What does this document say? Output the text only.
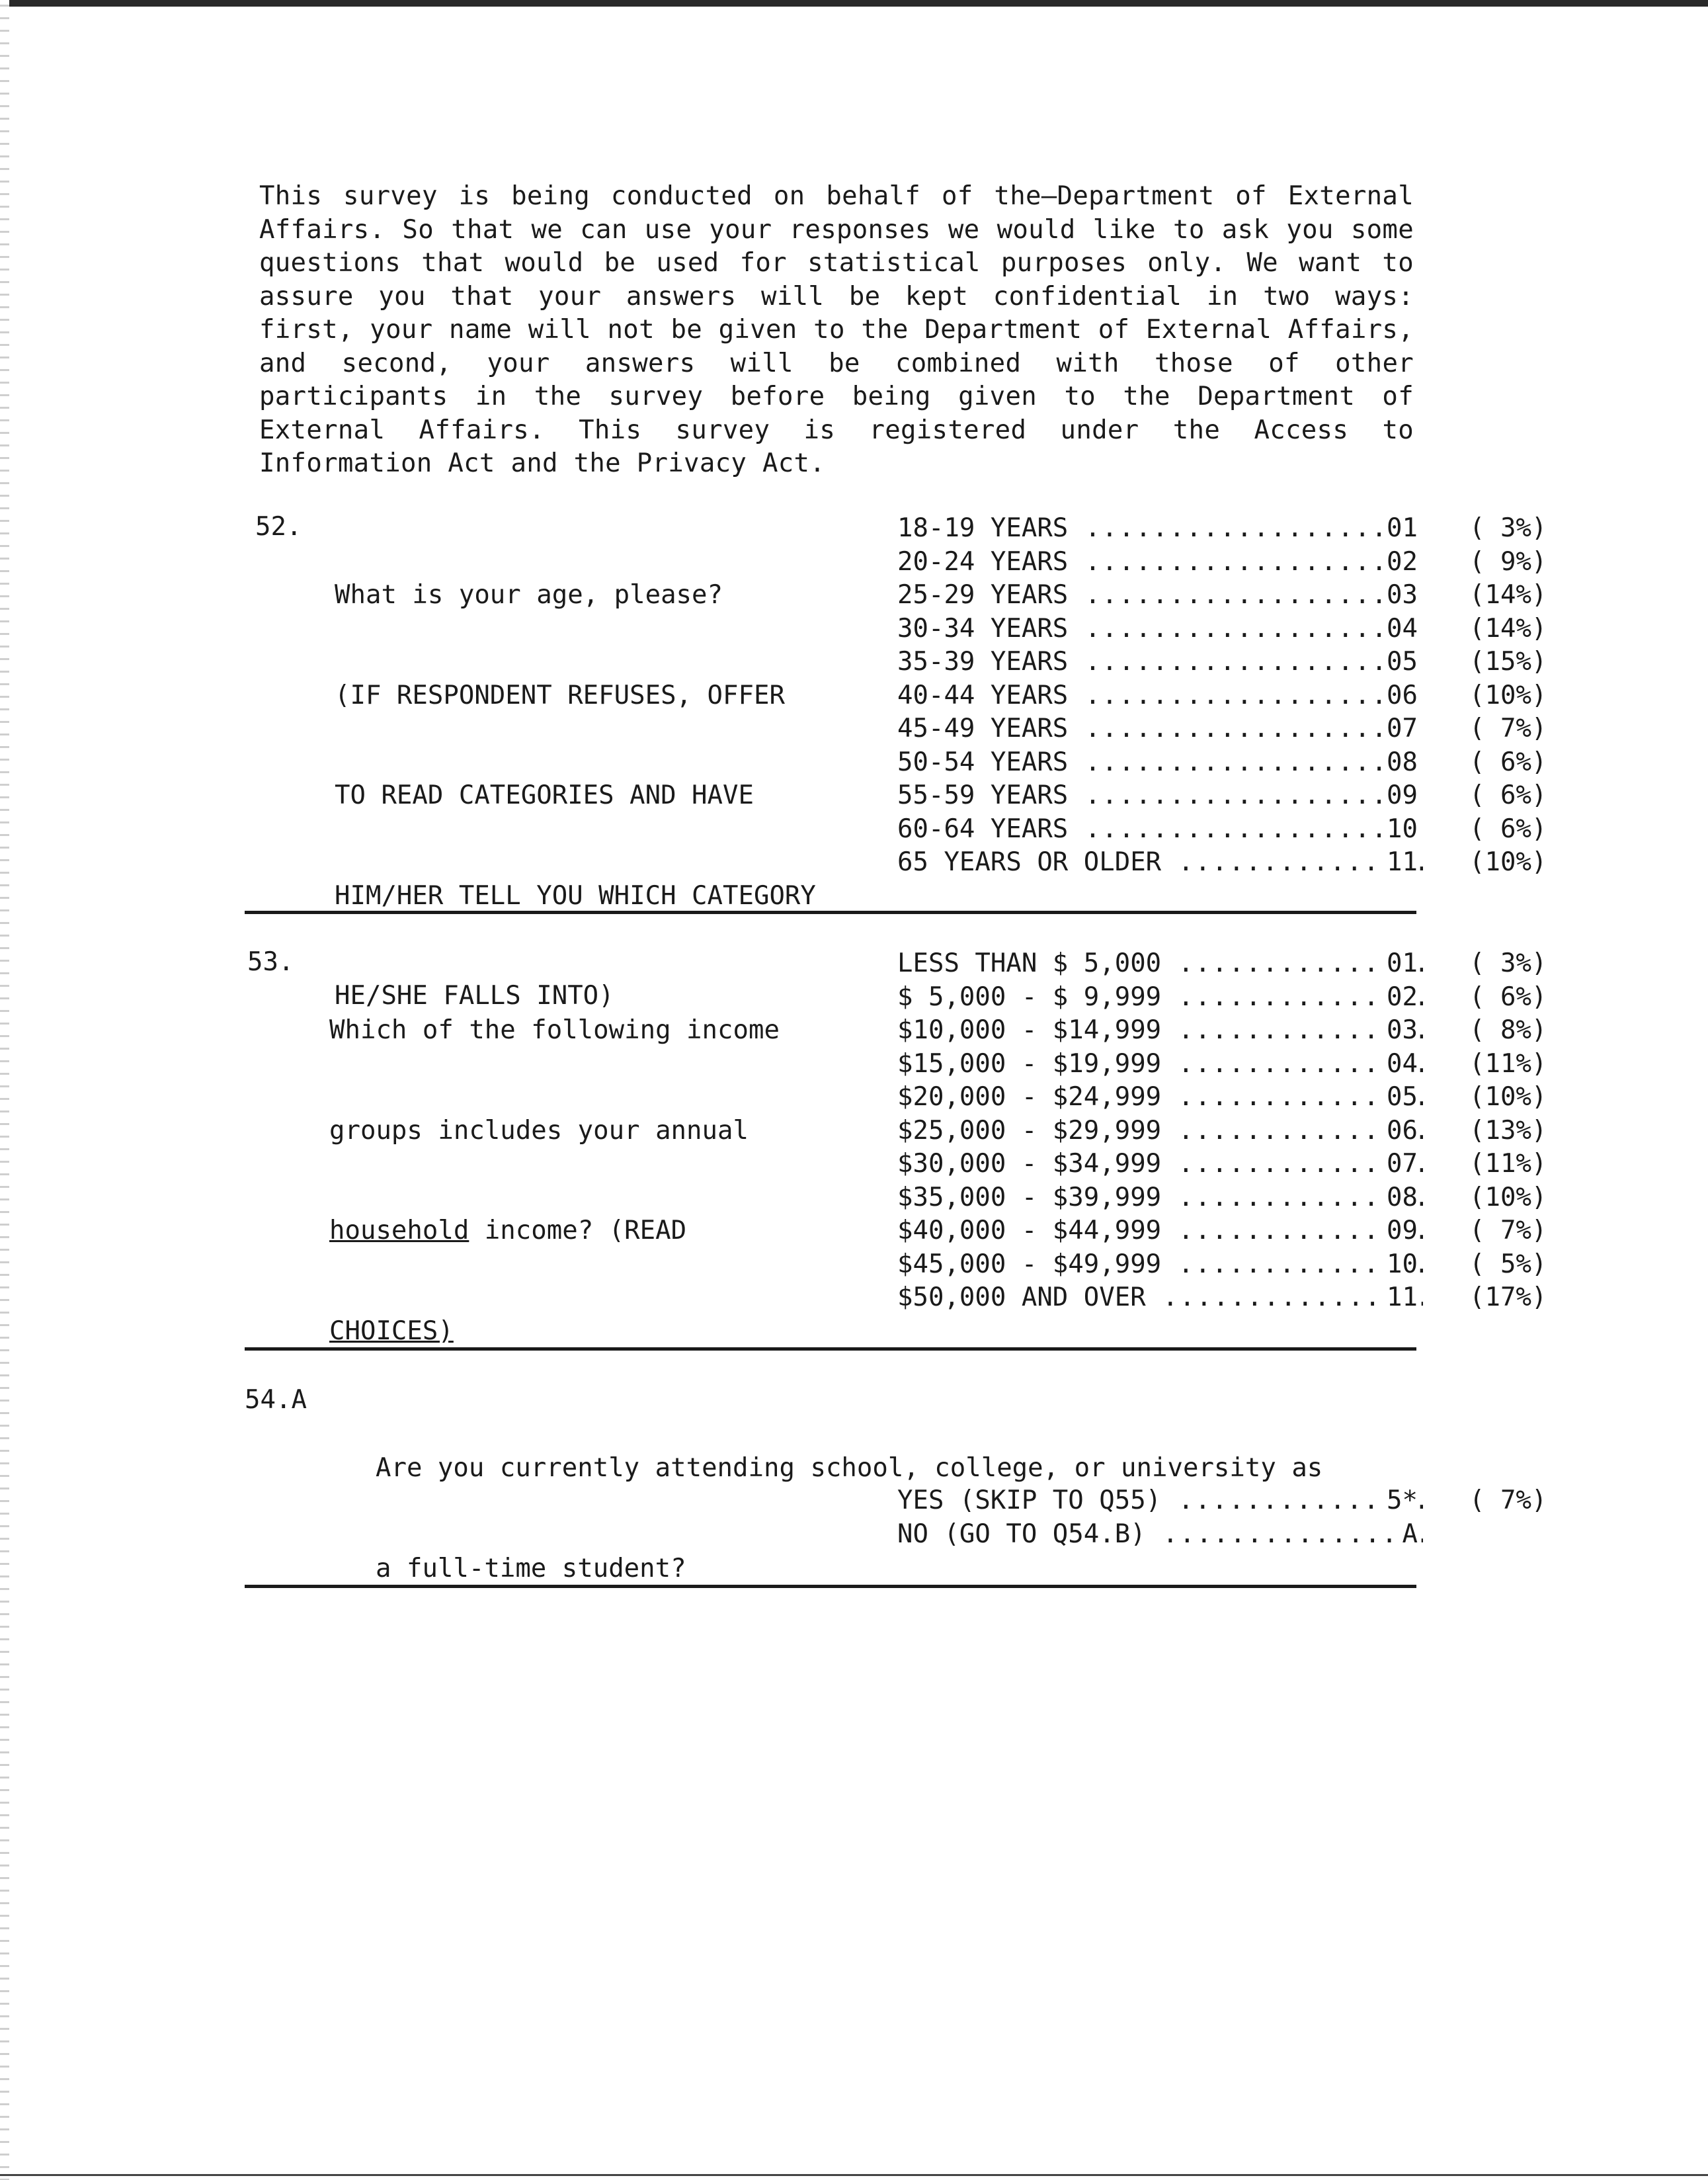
This survey is being conducted on behalf of the—Department of External Affairs. So that we can use your responses we would like to ask you some questions that would be used for statistical purposes only. We want to assure you that your answers will be kept confidential in two ways: first, your name will not be given to the Department of External Affairs, and second, your answers will be combined with those of other participants in the survey before being given to the Department of External Affairs. This survey is registered under the Access to Information Act and the Privacy Act.
52.

What is your age, please?

(IF RESPONDENT REFUSES, OFFER

TO READ CATEGORIES AND HAVE

HIM/HER TELL YOU WHICH CATEGORY

HE/SHE FALLS INTO)

18-19 YEARS .....	01 ( 3%)
20-24 YEARS .....	02 ( 9%)
25-29 YEARS .....	03 (14%)
30-34 YEARS .....	04 (14%)
35-39 YEARS .....	05 (15%)
40-44 YEARS .....	06 (10%)
45-49 YEARS .....	07 ( 7%)
50-54 YEARS .....	08 ( 6%)
55-59 YEARS .....	09 ( 6%)
60-64 YEARS .....	10 ( 6%)
65 YEARS OR OLDER .....	11 (10%)
53.

Which of the following income

groups includes your annual

household income? (READ

CHOICES)

LESS THAN $ 5,000 .....	01 ( 3%)
$ 5,000 - $ 9,999 .....	02 ( 6%)
$10,000 - $14,999 .....	03 ( 8%)
$15,000 - $19,999 .....	04 (11%)
$20,000 - $24,999 .....	05 (10%)
$25,000 - $29,999 .....	06 (13%)
$30,000 - $34,999 .....	07 (11%)
$35,000 - $39,999 .....	08 (10%)
$40,000 - $44,999 .....	09 ( 7%)
$45,000 - $49,999 .....	10 ( 5%)
$50,000 AND OVER .....	11 (17%)
54.A

Are you currently attending school, college, or university as

a full-time student?

YES (SKIP TO Q55) .....	5* ( 7%)
NO (GO TO Q54.B) .....	A
